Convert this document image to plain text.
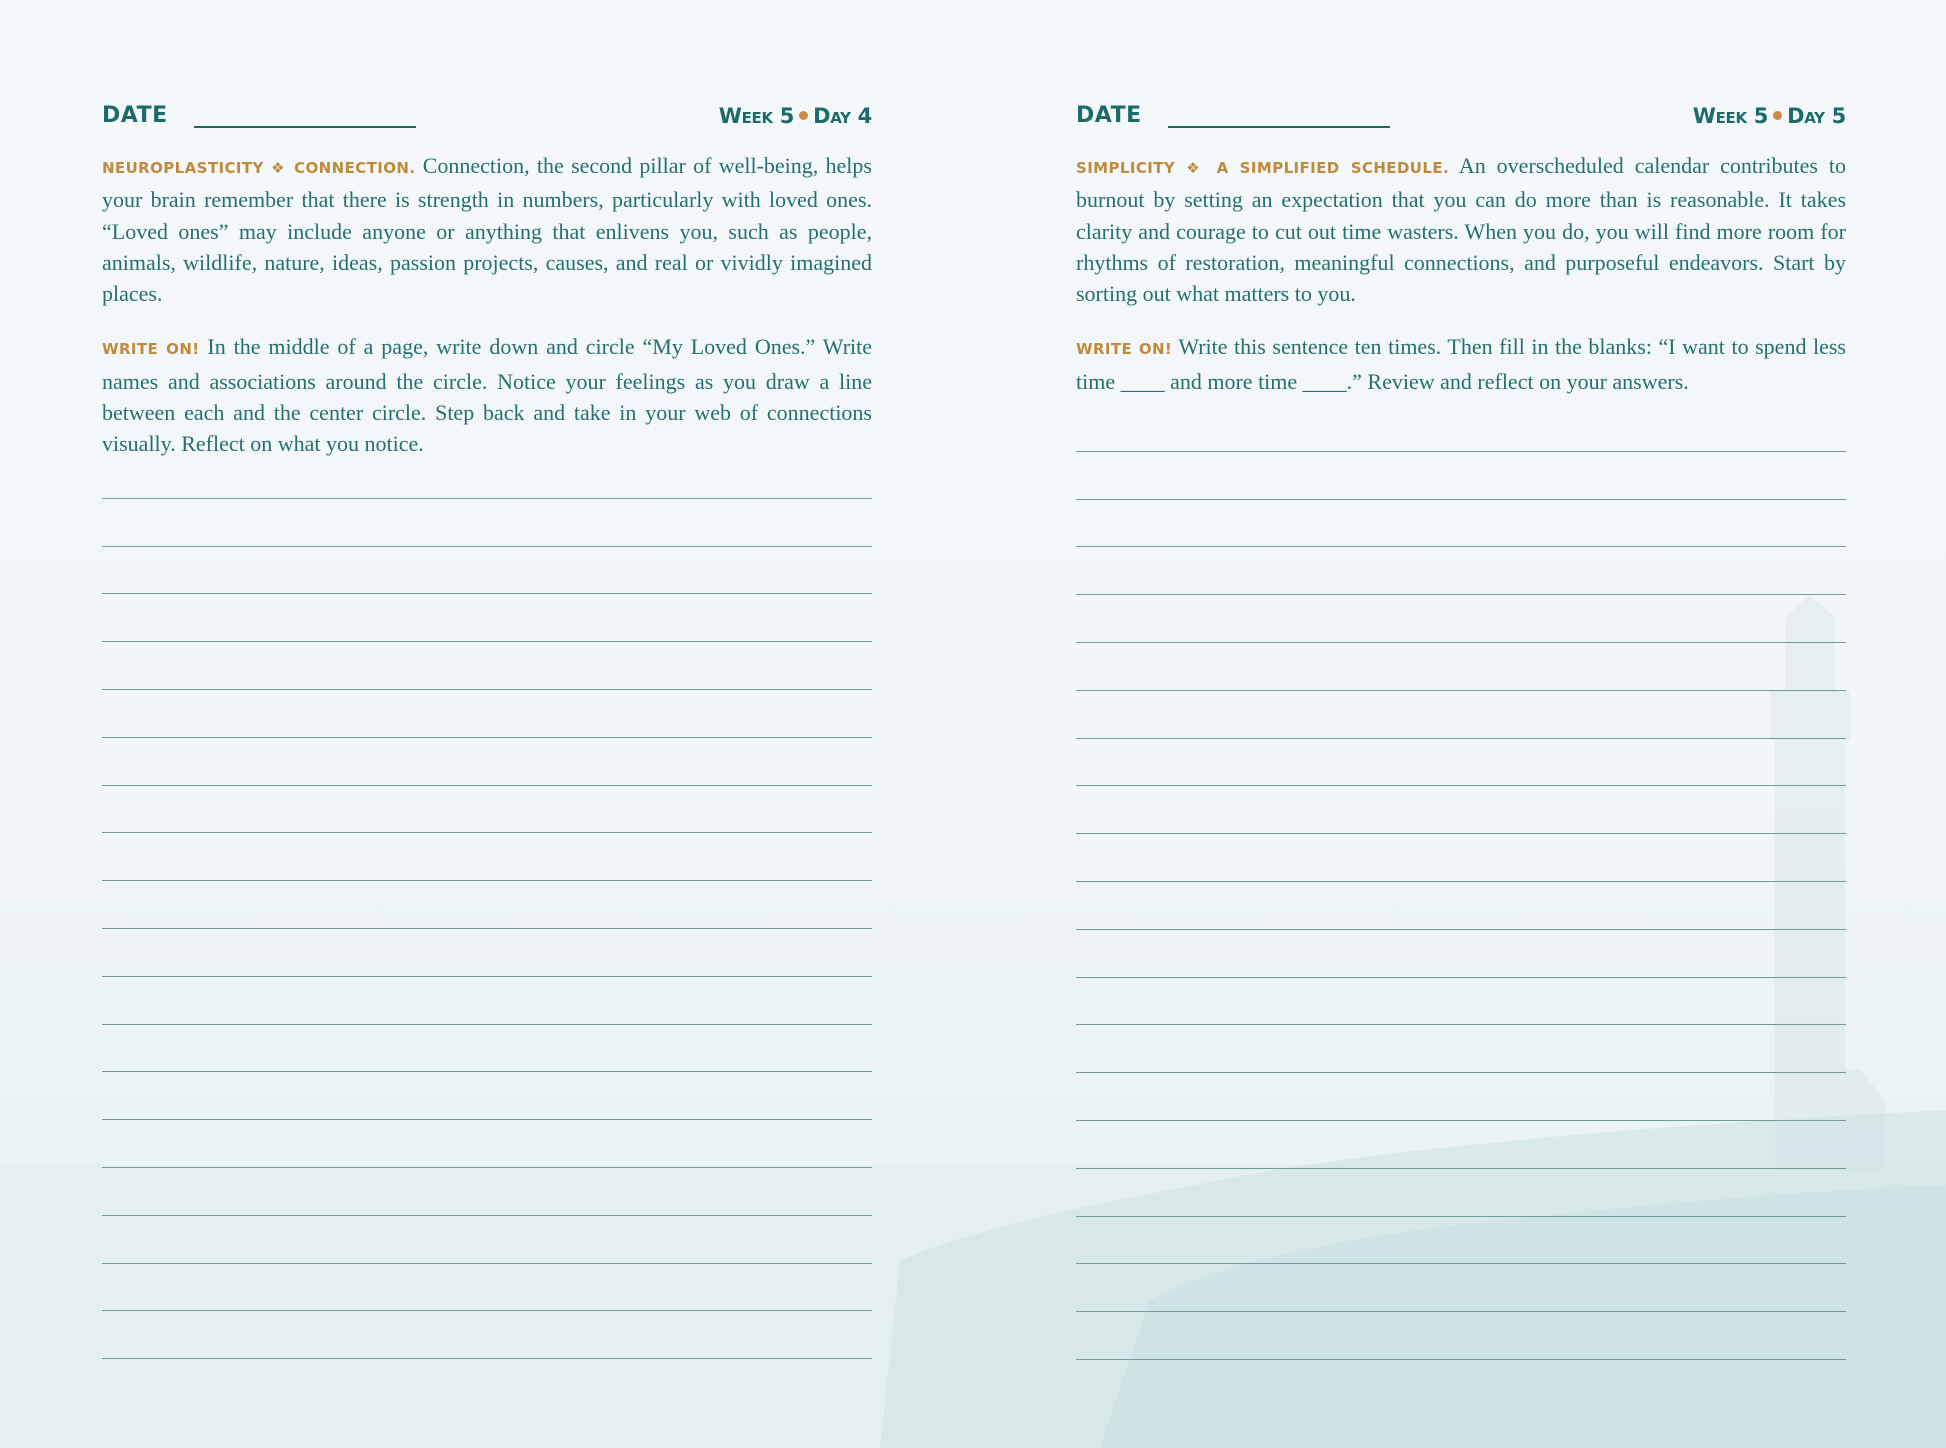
DATE	Week 5 Day 4

NEUROPLASTICITY ❖ CONNECTION. Connection, the second pillar of well-being, helps your brain remember that there is strength in numbers, particularly with loved ones. “Loved ones” may include anyone or anything that enlivens you, such as people, animals, wildlife, nature, ideas, passion projects, causes, and real or vividly imagined places.

WRITE ON! In the middle of a page, write down and circle “My Loved Ones.” Write names and associations around the circle. Notice your feelings as you draw a line between each and the center circle. Step back and take in your web of connections visually. Reflect on what you notice.

DATE	Week 5 Day 5

SIMPLICITY ❖ A SIMPLIFIED SCHEDULE. An overscheduled calendar contributes to burnout by setting an expectation that you can do more than is reasonable. It takes clarity and courage to cut out time wasters. When you do, you will find more room for rhythms of restoration, meaningful connections, and purposeful endeavors. Start by sorting out what matters to you.

WRITE ON! Write this sentence ten times. Then fill in the blanks: “I want to spend less time ____ and more time ____.” Review and reflect on your answers.
